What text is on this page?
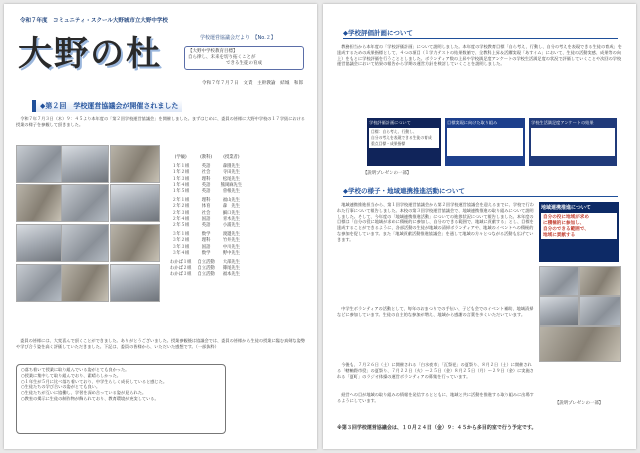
令和７年度　コミュニティ・スクール大野城市立大野中学校
大野の杜	学校運営協議会だより　【No.２】
【大野中学校教育目標】
自ら律し、未来を切り拓くことが
できる生徒の育成
令和７年７月７日　文責　主幹教諭　結城　和郎
◆第２回　学校運営協議会が開催されました
　令和７年７月３日（木）９：４５より本年度の「第２回学校運営協議会」を開催しました。まずはじめに、委員の皆様に大野中学校の１７学級における授業の様子を参観して頂きました。
(学級)	(教科)	(授業者)
１年１組	英語	森園先生
１年２組	社会	寺田先生
１年３組	理科	松尾先生
１年４組	英語	熊岡麻先生
１年５組	英語	曽根先生

２年１組	理科	福山先生
２年２組	体育	森　先生
２年３組	社会	細口先生
２年４組	国語	青木先生
２年５組	英語	小浦先生

３年１組	数学	渡邊先生
３年２組	理科	竹井先生
３年３組	国語	中川先生
３年４組	数学	野中先生

わかば１組	自立活動	大部先生
わかば２組	自立活動	篠尾先生
わかば３組	自立活動	福本先生
　委員の皆様には、大変喜んで頂くことができました。ありがとうございました。授業参観後は協議会では、委員の皆様から生徒の授業に臨む真剣な姿勢や学び合う姿を高く評価していただきました。下記は、委員の皆様から、いただいた感想です。（一部抜粋）
○落ち着いて授業に取り組んでいる姿がとても良かった。
○授業に集中して取り組んでおり、素晴らしかった。
○１年生が５月に比べ落ち着いており、中学生らしく成長していると感じた。
○生徒たちの学び合いの姿がとても良い。
○生徒たちが互いに協働し、学習を深め合っている姿が見られた。
○教室の掲示に生徒の制作物が飾られており、教育環境が充実している。
◆学校評価計画について
　教務担当から本年度の「学校評価計画」について説明しました。本年度の学校教育目標「自ら考え、行動し、自分の考えを表現できる生徒の育成」を達成するための成果指標として、４つの項目（１学力テストの結果数値で、全教科上昇＆活躍実現「あすイム」において、生徒の活動実感、成果等の向上）をもとに学校評価を行うこととしました。ボランティア数の上昇や学校満足度アンケートの学校生活満足度の状況で評価していくことや次回の学校運営協議会において結果の報告から学期の運営方針を検討していくことを説明しました。
学校評価計画について
目標：自ら考え、行動し、
自分の考えを表現できる生徒の育成
重点目標・成果指標
目標実現に向けた取り組み	学校生活満足度アンケートの結果
【説明プレゼンの一部】
◆学校の様子・地域連携推進活動について
　地域連携推進担当から、第１回学校運営協議会から第２回学校運営協議会を迎えるまでに、学校で行われた行事について報告しました。本校の第３回学校運営協議会で、地域連携推進の取り組みについて説明しました。そして、今年度の「地域連携推進活動」についての進捗状況について報告しました。本年度の目標は「自分の役に地域が求めに積極的に参加し、自分のできる範囲で、地域に貢献する」とし、目標を達成することができるように、各部活動の生徒が地域の清掃ボランティアや、地域のイベントへの積極的な参加を促しています。また「地域貢献活動推進協議会」を通して地域の方々とつながる活動も広げていきます。
　中学生ボランティアの活動として、毎年のおまつりでの手伝い、子ども会でのイベント補助、地域清掃などに参加しています。生徒の自主的な参加が増え、地域から感謝の言葉を多くいただいています。
地域連携推進について
自分の役に地域が求め
に積極的に参加し、
自分のできる範囲で、
地域に貢献する
　今後も、７月２６日（土）に開催される「白水夜市」「瓦祭祀」の夏祭り、８月２日（土）に開催される「轄軸際市役」の夏祭り、７月２２日（火）～２５日（金）８月２５日（月）～２９日（金）に実施される「夏町」のラジオ体操の運営ボランティアの募集を行っています。
　経営への目が地域の取り組みの情報を発信するとともに、地域と共に活動を推進する取り組みに出場するようにしています。
【説明プレゼンの一部】
※第３回学校運営協議会は、１０月２４日（金）９：４５から多目的室で行う予定です。
